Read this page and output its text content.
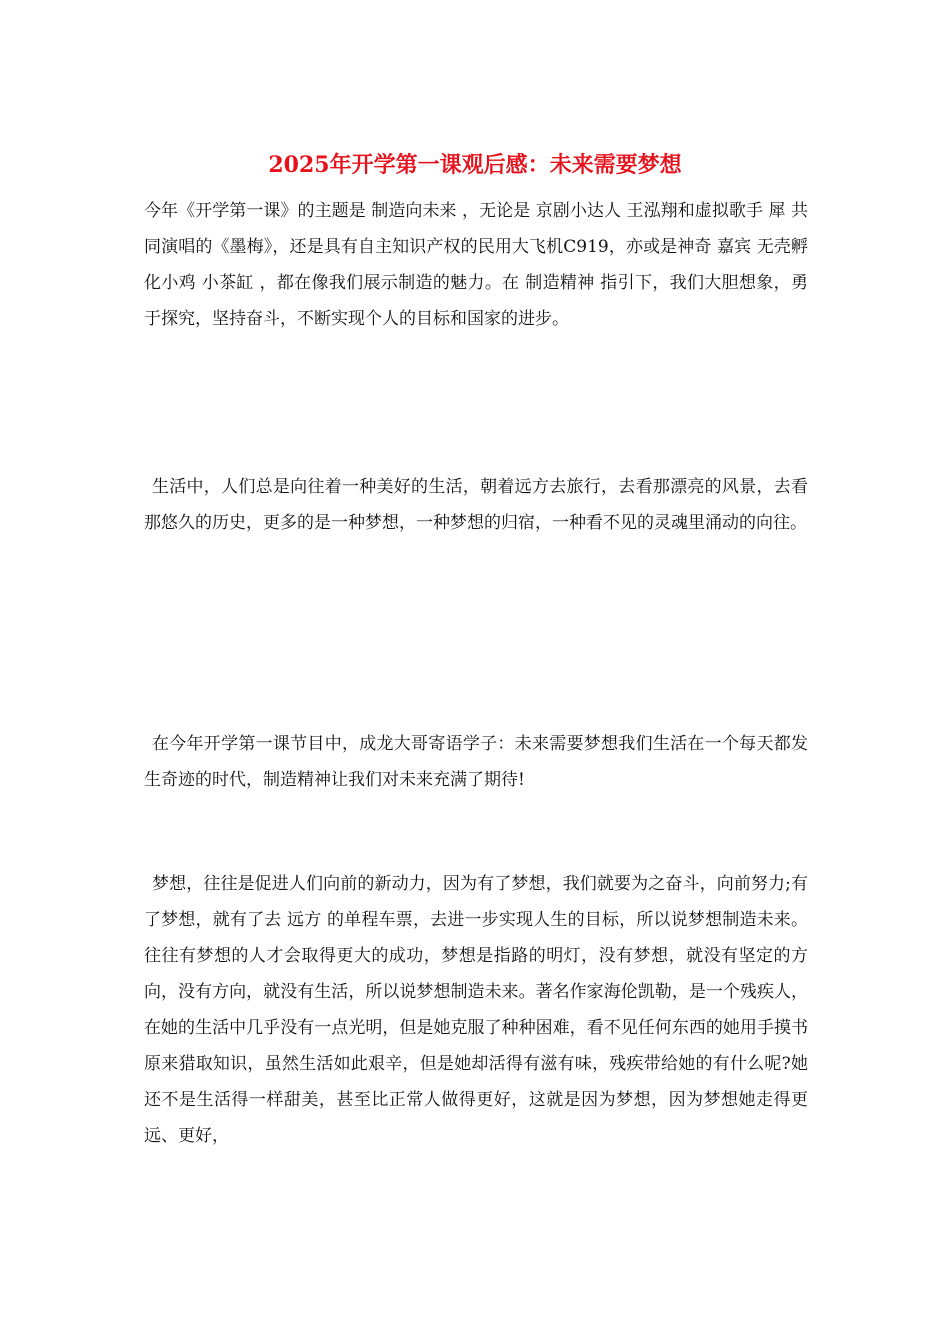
2025年开学第一课观后感：未来需要梦想

今年《开学第一课》的主题是 制造向未来 ，无论是 京剧小达人 王泓翔和虚拟歌手 犀 共同演唱的《墨梅》，还是具有自主知识产权的民用大飞机C919，亦或是神奇 嘉宾 无壳孵化小鸡 小茶缸 ，都在像我们展示制造的魅力。在 制造精神 指引下，我们大胆想象，勇于探究，坚持奋斗，不断实现个人的目标和国家的进步。

生活中，人们总是向往着一种美好的生活，朝着远方去旅行，去看那漂亮的风景，去看那悠久的历史，更多的是一种梦想，一种梦想的归宿，一种看不见的灵魂里涌动的向往。

在今年开学第一课节目中，成龙大哥寄语学子：未来需要梦想我们生活在一个每天都发生奇迹的时代，制造精神让我们对未来充满了期待!

梦想，往往是促进人们向前的新动力，因为有了梦想，我们就要为之奋斗，向前努力;有了梦想，就有了去 远方 的单程车票，去进一步实现人生的目标，所以说梦想制造未来。往往有梦想的人才会取得更大的成功，梦想是指路的明灯，没有梦想，就没有坚定的方向，没有方向，就没有生活，所以说梦想制造未来。著名作家海伦凯勒，是一个残疾人，在她的生活中几乎没有一点光明，但是她克服了种种困难，看不见任何东西的她用手摸书原来猎取知识，虽然生活如此艰辛，但是她却活得有滋有味，残疾带给她的有什么呢?她还不是生活得一样甜美，甚至比正常人做得更好，这就是因为梦想，因为梦想她走得更远、更好，
